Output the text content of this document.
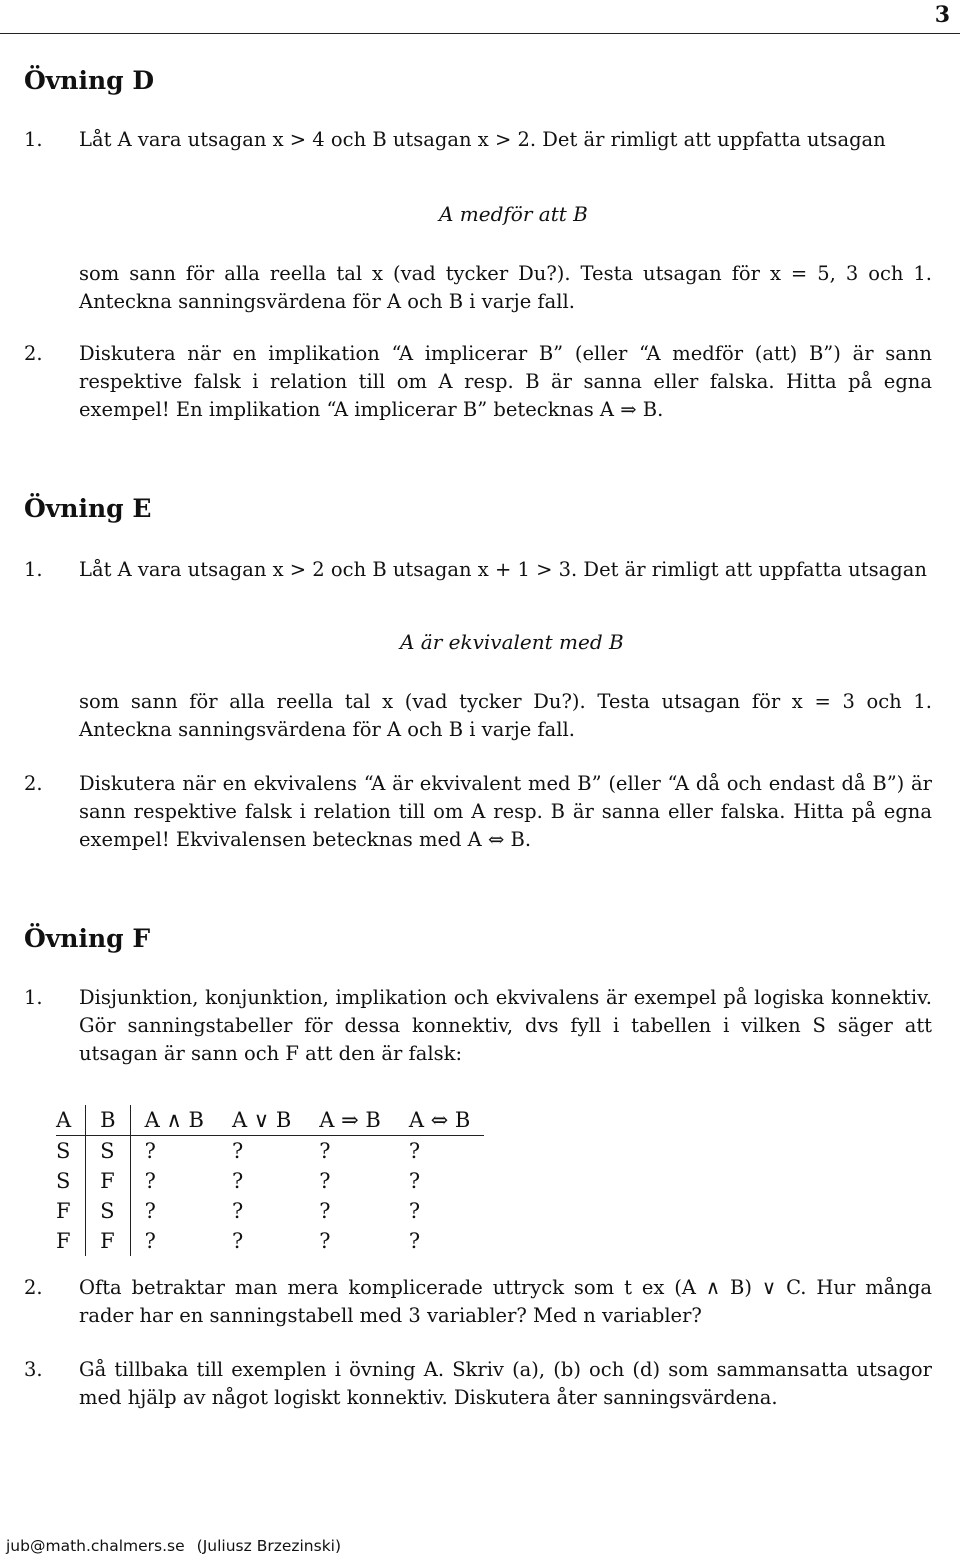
3
Övning D
1. Låt A vara utsagan x > 4 och B utsagan x > 2. Det är rimligt att uppfatta utsagan
A medför att B
som sann för alla reella tal x (vad tycker Du?). Testa utsagan för x = 5, 3 och 1. Anteckna sanningsvärdena för A och B i varje fall.
2. Diskutera när en implikation “A implicerar B” (eller “A medför (att) B”) är sann respektive falsk i relation till om A resp. B är sanna eller falska. Hitta på egna exempel! En implikation “A implicerar B” betecknas A ⇒ B.
Övning E
1. Låt A vara utsagan x > 2 och B utsagan x + 1 > 3. Det är rimligt att uppfatta utsagan
A är ekvivalent med B
som sann för alla reella tal x (vad tycker Du?). Testa utsagan för x = 3 och 1. Anteckna sanningsvärdena för A och B i varje fall.
2. Diskutera när en ekvivalens “A är ekvivalent med B” (eller “A då och endast då B”) är sann respektive falsk i relation till om A resp. B är sanna eller falska. Hitta på egna exempel! Ekvivalensen betecknas med A ⇔ B.
Övning F
1. Disjunktion, konjunktion, implikation och ekvivalens är exempel på logiska konnektiv. Gör sanningstabeller för dessa konnektiv, dvs fyll i tabellen i vilken S säger att utsagan är sann och F att den är falsk:
A	B	A ∧ B	A ∨ B	A ⇒ B	A ⇔ B
S	S	?	?	?	?
S	F	?	?	?	?
F	S	?	?	?	?
F	F	?	?	?	?
2. Ofta betraktar man mera komplicerade uttryck som t ex (A ∧ B) ∨ C. Hur många rader har en sanningstabell med 3 variabler? Med n variabler?
3. Gå tillbaka till exemplen i övning A. Skriv (a), (b) och (d) som sammansatta utsagor med hjälp av något logiskt konnektiv. Diskutera åter sanningsvärdena.
jub@math.chalmers.se (Juliusz Brzezinski)
